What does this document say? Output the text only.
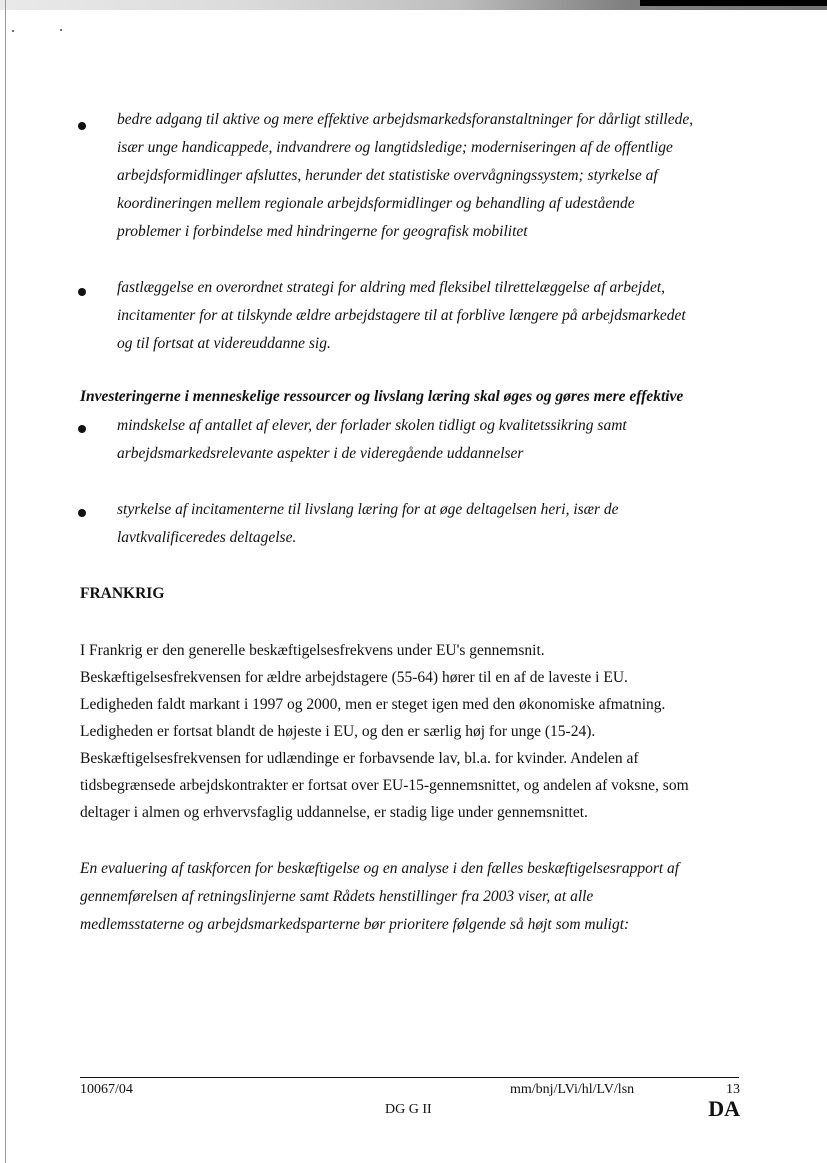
bedre adgang til aktive og mere effektive arbejdsmarkedsforanstaltninger for dårligt stillede,
især unge handicappede, indvandrere og langtidsledige; moderniseringen af de offentlige
arbejdsformidlinger afsluttes, herunder det statistiske overvågningssystem; styrkelse af
koordineringen mellem regionale arbejdsformidlinger og behandling af udestående
problemer i forbindelse med hindringerne for geografisk mobilitet
fastlæggelse en overordnet strategi for aldring med fleksibel tilrettelæggelse af arbejdet,
incitamenter for at tilskynde ældre arbejdstagere til at forblive længere på arbejdsmarkedet
og til fortsat at videreuddanne sig.
Investeringerne i menneskelige ressourcer og livslang læring skal øges og gøres mere effektive
mindskelse af antallet af elever, der forlader skolen tidligt og kvalitetssikring samt
arbejdsmarkedsrelevante aspekter i de videregående uddannelser
styrkelse af incitamenterne til livslang læring for at øge deltagelsen heri, især de
lavtkvalificeredes deltagelse.
FRANKRIG
I Frankrig er den generelle beskæftigelsesfrekvens under EU's gennemsnit.
Beskæftigelsesfrekvensen for ældre arbejdstagere (55-64) hører til en af de laveste i EU.
Ledigheden faldt markant i 1997 og 2000, men er steget igen med den økonomiske afmatning.
Ledigheden er fortsat blandt de højeste i EU, og den er særlig høj for unge (15-24).
Beskæftigelsesfrekvensen for udlændinge er forbavsende lav, bl.a. for kvinder. Andelen af
tidsbegrænsede arbejdskontrakter er fortsat over EU-15-gennemsnittet, og andelen af voksne, som
deltager i almen og erhvervsfaglig uddannelse, er stadig lige under gennemsnittet.
En evaluering af taskforcen for beskæftigelse og en analyse i den fælles beskæftigelsesrapport af
gennemførelsen af retningslinjerne samt Rådets henstillinger fra 2003 viser, at alle
medlemsstaterne og arbejdsmarkedsparterne bør prioritere følgende så højt som muligt:
10067/04	mm/bnj/LVi/hl/LV/lsn	13
DG G II	DA
